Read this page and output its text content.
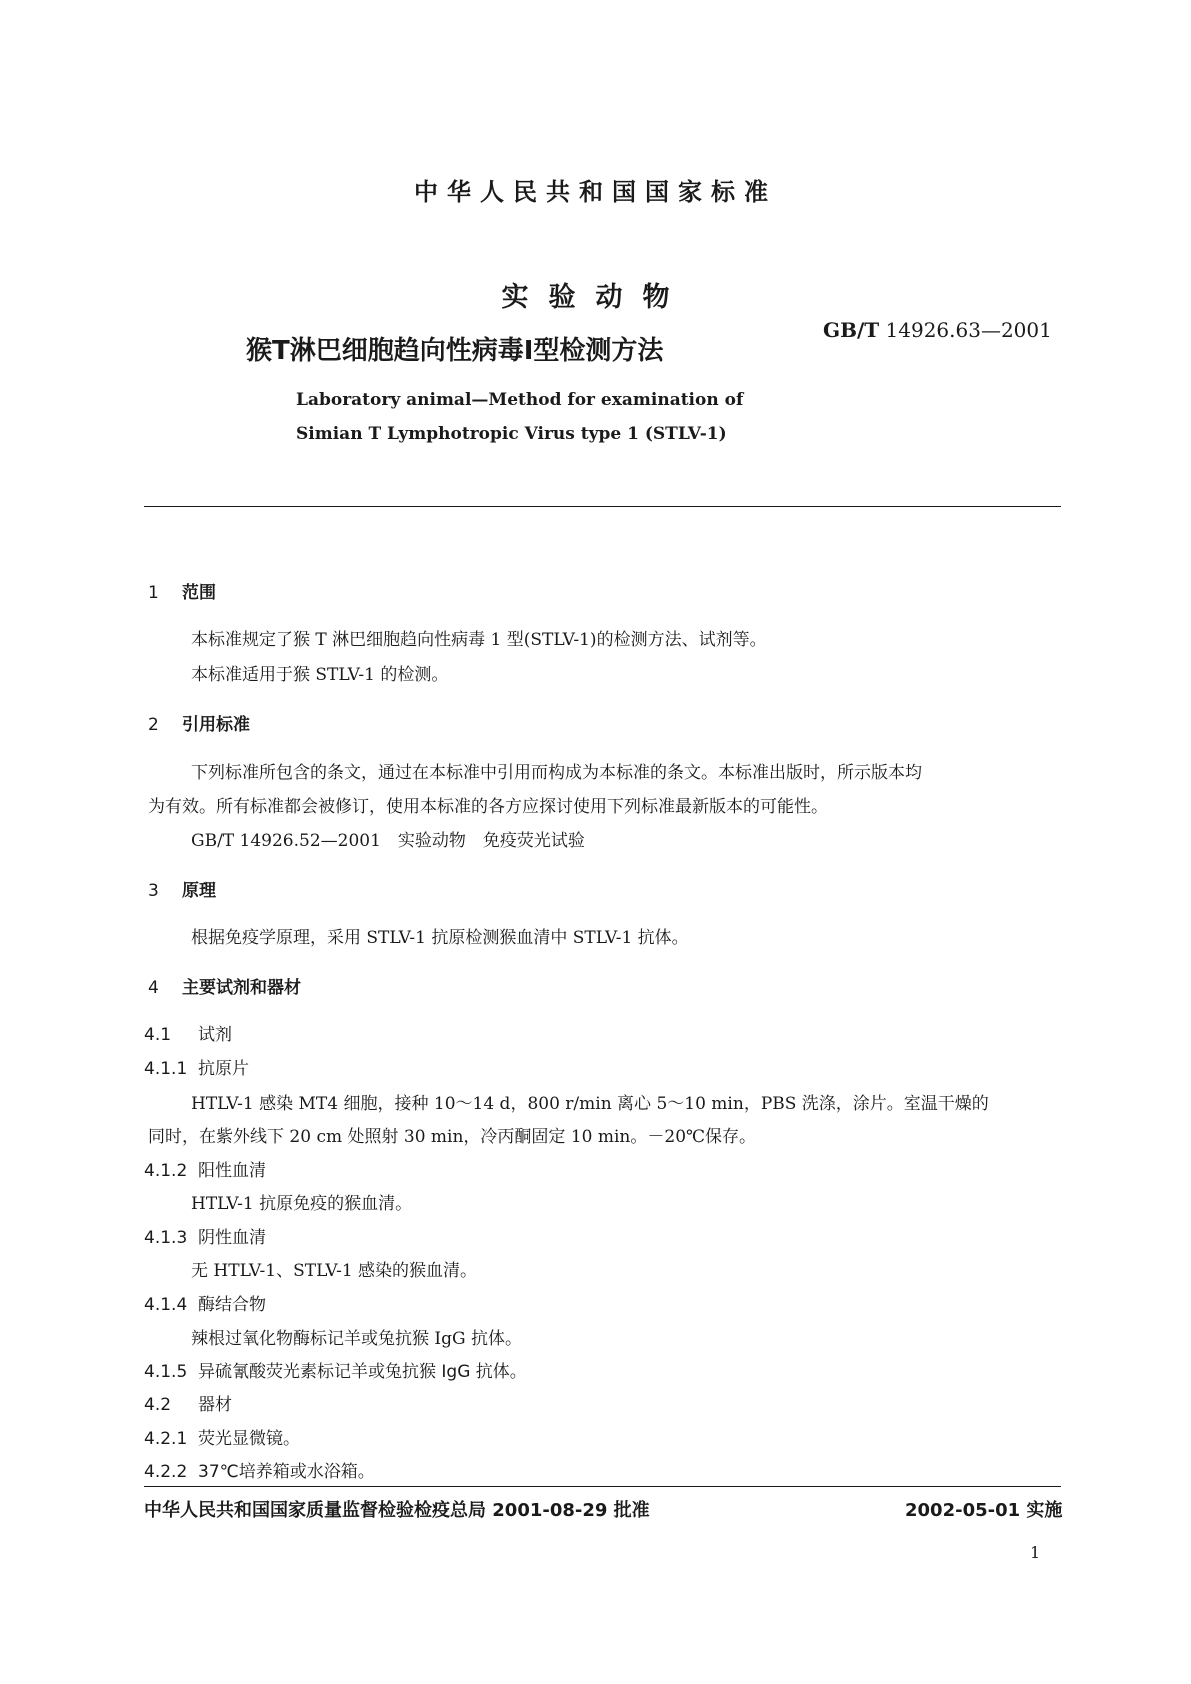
中华人民共和国国家标准
实验动物
猴T淋巴细胞趋向性病毒Ⅰ型检测方法
GB/T 14926.63—2001
Laboratory animal—Method for examination of
Simian T Lymphotropic Virus type 1 (STLV-1)
1 范围
本标准规定了猴 T 淋巴细胞趋向性病毒 1 型(STLV-1)的检测方法、试剂等。
本标准适用于猴 STLV-1 的检测。
2 引用标准
下列标准所包含的条文，通过在本标准中引用而构成为本标准的条文。本标准出版时，所示版本均
为有效。所有标准都会被修订，使用本标准的各方应探讨使用下列标准最新版本的可能性。
GB/T 14926.52—2001　实验动物　免疫荧光试验
3 原理
根据免疫学原理，采用 STLV-1 抗原检测猴血清中 STLV-1 抗体。
4 主要试剂和器材
4.1 试剂
4.1.1 抗原片
HTLV-1 感染 MT4 细胞，接种 10～14 d，800 r/min 离心 5～10 min，PBS 洗涤，涂片。室温干燥的
同时，在紫外线下 20 cm 处照射 30 min，冷丙酮固定 10 min。－20℃保存。
4.1.2 阳性血清
HTLV-1 抗原免疫的猴血清。
4.1.3 阴性血清
无 HTLV-1、STLV-1 感染的猴血清。
4.1.4 酶结合物
辣根过氧化物酶标记羊或兔抗猴 IgG 抗体。
4.1.5 异硫氰酸荧光素标记羊或兔抗猴 IgG 抗体。
4.2 器材
4.2.1 荧光显微镜。
4.2.2 37℃培养箱或水浴箱。
中华人民共和国国家质量监督检验检疫总局 2001-08-29 批准	2002-05-01 实施
1
